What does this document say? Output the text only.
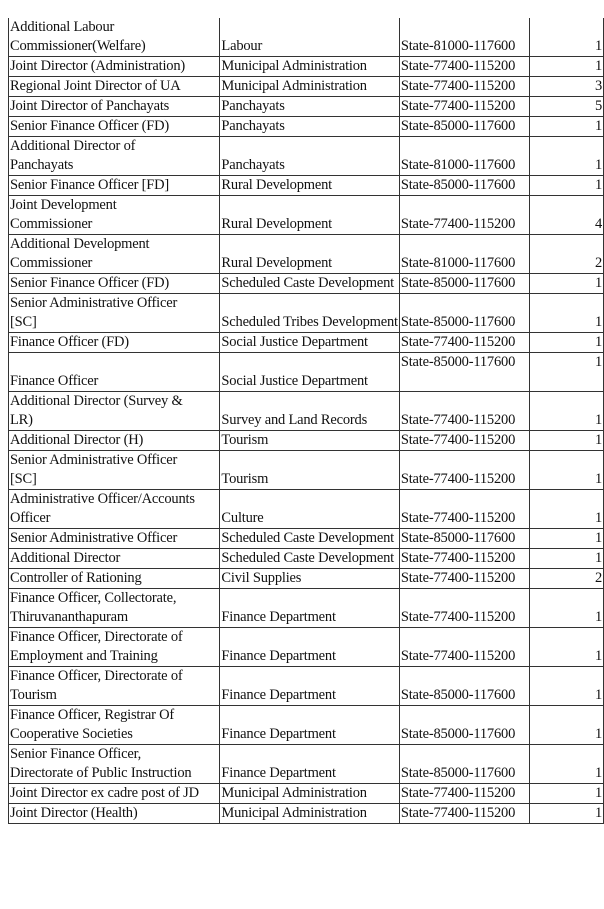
Additional Labour
Commissioner(Welfare)	Labour	State-81000-117600	1
Joint Director (Administration)	Municipal Administration	State-77400-115200	1
Regional Joint Director of UA	Municipal Administration	State-77400-115200	3
Joint Director of Panchayats	Panchayats	State-77400-115200	5
Senior Finance Officer (FD)	Panchayats	State-85000-117600	1
Additional Director of
Panchayats	Panchayats	State-81000-117600	1
Senior Finance Officer [FD]	Rural Development	State-85000-117600	1
Joint Development
Commissioner	Rural Development	State-77400-115200	4
Additional Development
Commissioner	Rural Development	State-81000-117600	2
Senior Finance Officer (FD)	Scheduled Caste Development	State-85000-117600	1
Senior Administrative Officer
[SC]	Scheduled Tribes Development	State-85000-117600	1
Finance Officer (FD)	Social Justice Department	State-77400-115200	1
Finance Officer	Social Justice Department	State-85000-117600	1
Additional Director (Survey &
LR)	Survey and Land Records	State-77400-115200	1
Additional Director (H)	Tourism	State-77400-115200	1
Senior Administrative Officer
[SC]	Tourism	State-77400-115200	1
Administrative Officer/Accounts
Officer	Culture	State-77400-115200	1
Senior Administrative Officer	Scheduled Caste Development	State-85000-117600	1
Additional Director	Scheduled Caste Development	State-77400-115200	1
Controller of Rationing	Civil Supplies	State-77400-115200	2
Finance Officer, Collectorate,
Thiruvananthapuram	Finance Department	State-77400-115200	1
Finance Officer, Directorate of
Employment and Training	Finance Department	State-77400-115200	1
Finance Officer, Directorate of
Tourism	Finance Department	State-85000-117600	1
Finance Officer, Registrar Of
Cooperative Societies	Finance Department	State-85000-117600	1
Senior Finance Officer,
Directorate of Public Instruction	Finance Department	State-85000-117600	1
Joint Director ex cadre post of JD	Municipal Administration	State-77400-115200	1
Joint Director (Health)	Municipal Administration	State-77400-115200	1
